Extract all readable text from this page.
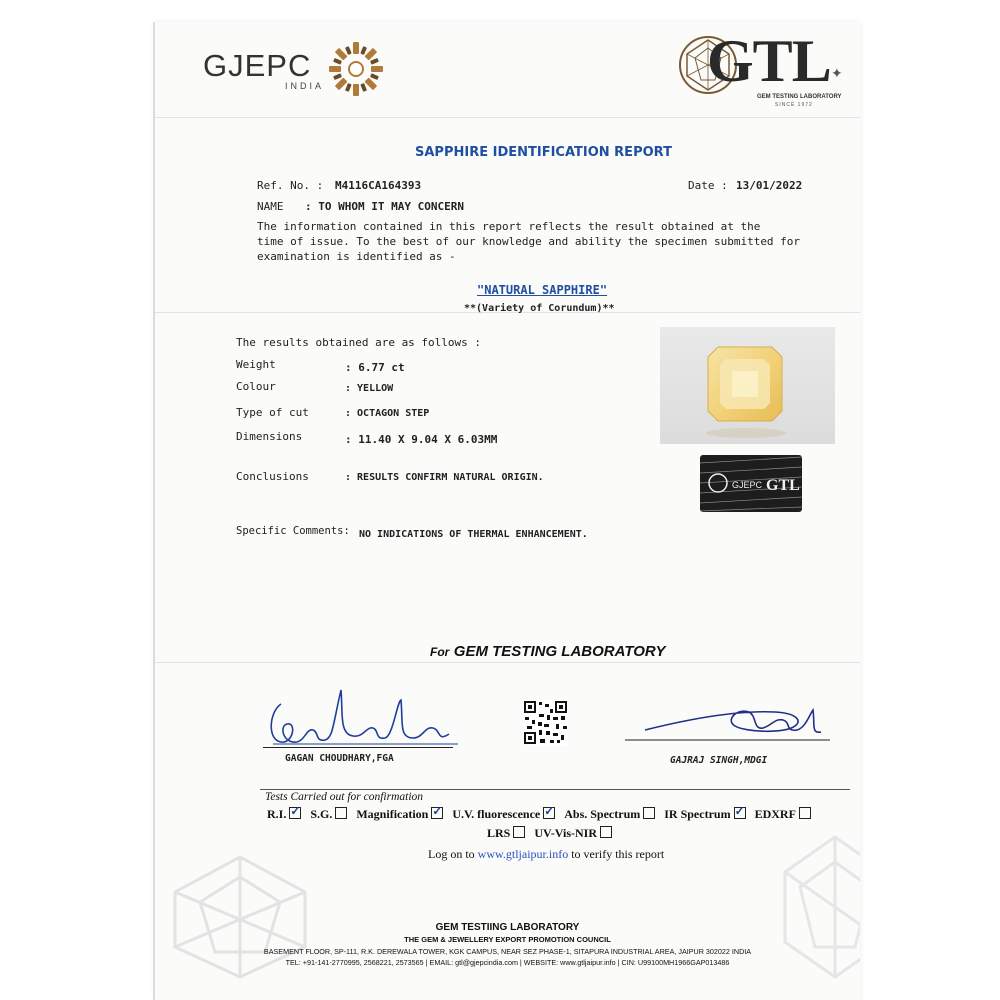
GJEPC
INDIA	GTL
GEM TESTING LABORATORY
SINCE 1972
✦
SAPPHIRE IDENTIFICATION REPORT
Ref. No. : M4116CA164393	Date : 13/01/2022
NAME : TO WHOM IT MAY CONCERN
The information contained in this report reflects the result obtained at the
time of issue. To the best of our knowledge and ability the specimen submitted for
examination is identified as -
"NATURAL SAPPHIRE"
**(Variety of Corundum)**
The results obtained are as follows :
Weight	: 6.77 ct
Colour	: YELLOW
Type of cut	: OCTAGON STEP
Dimensions	: 11.40 X 9.04 X 6.03MM
Conclusions	: RESULTS CONFIRM NATURAL ORIGIN.
Specific Comments: NO INDICATIONS OF THERMAL ENHANCEMENT.
GJEPC GTL
For GEM TESTING LABORATORY
GAGAN CHOUDHARY,FGA	GAJRAJ SINGH,MDGI
Tests Carried out for confirmation
R.I. ✓ S.G. Magnification ✓ U.V. fluorescence ✓ Abs. Spectrum IR Spectrum ✓ EDXRF
LRS UV-Vis-NIR
Log on to www.gtljaipur.info to verify this report
GEM TESTIING LABORATORY
THE GEM & JEWELLERY EXPORT PROMOTION COUNCIL
BASEMENT FLOOR, SP-111, R.K. DEREWALA TOWER, KGK CAMPUS, NEAR SEZ PHASE-1, SITAPURA INDUSTRIAL AREA, JAIPUR 302022 INDIA
TEL: +91-141-2770995, 2568221, 2573565 | EMAIL: gtl@gjepcindia.com | WEBSITE: www.gtljaipur.info | CIN: U99100MH1966GAP013486
